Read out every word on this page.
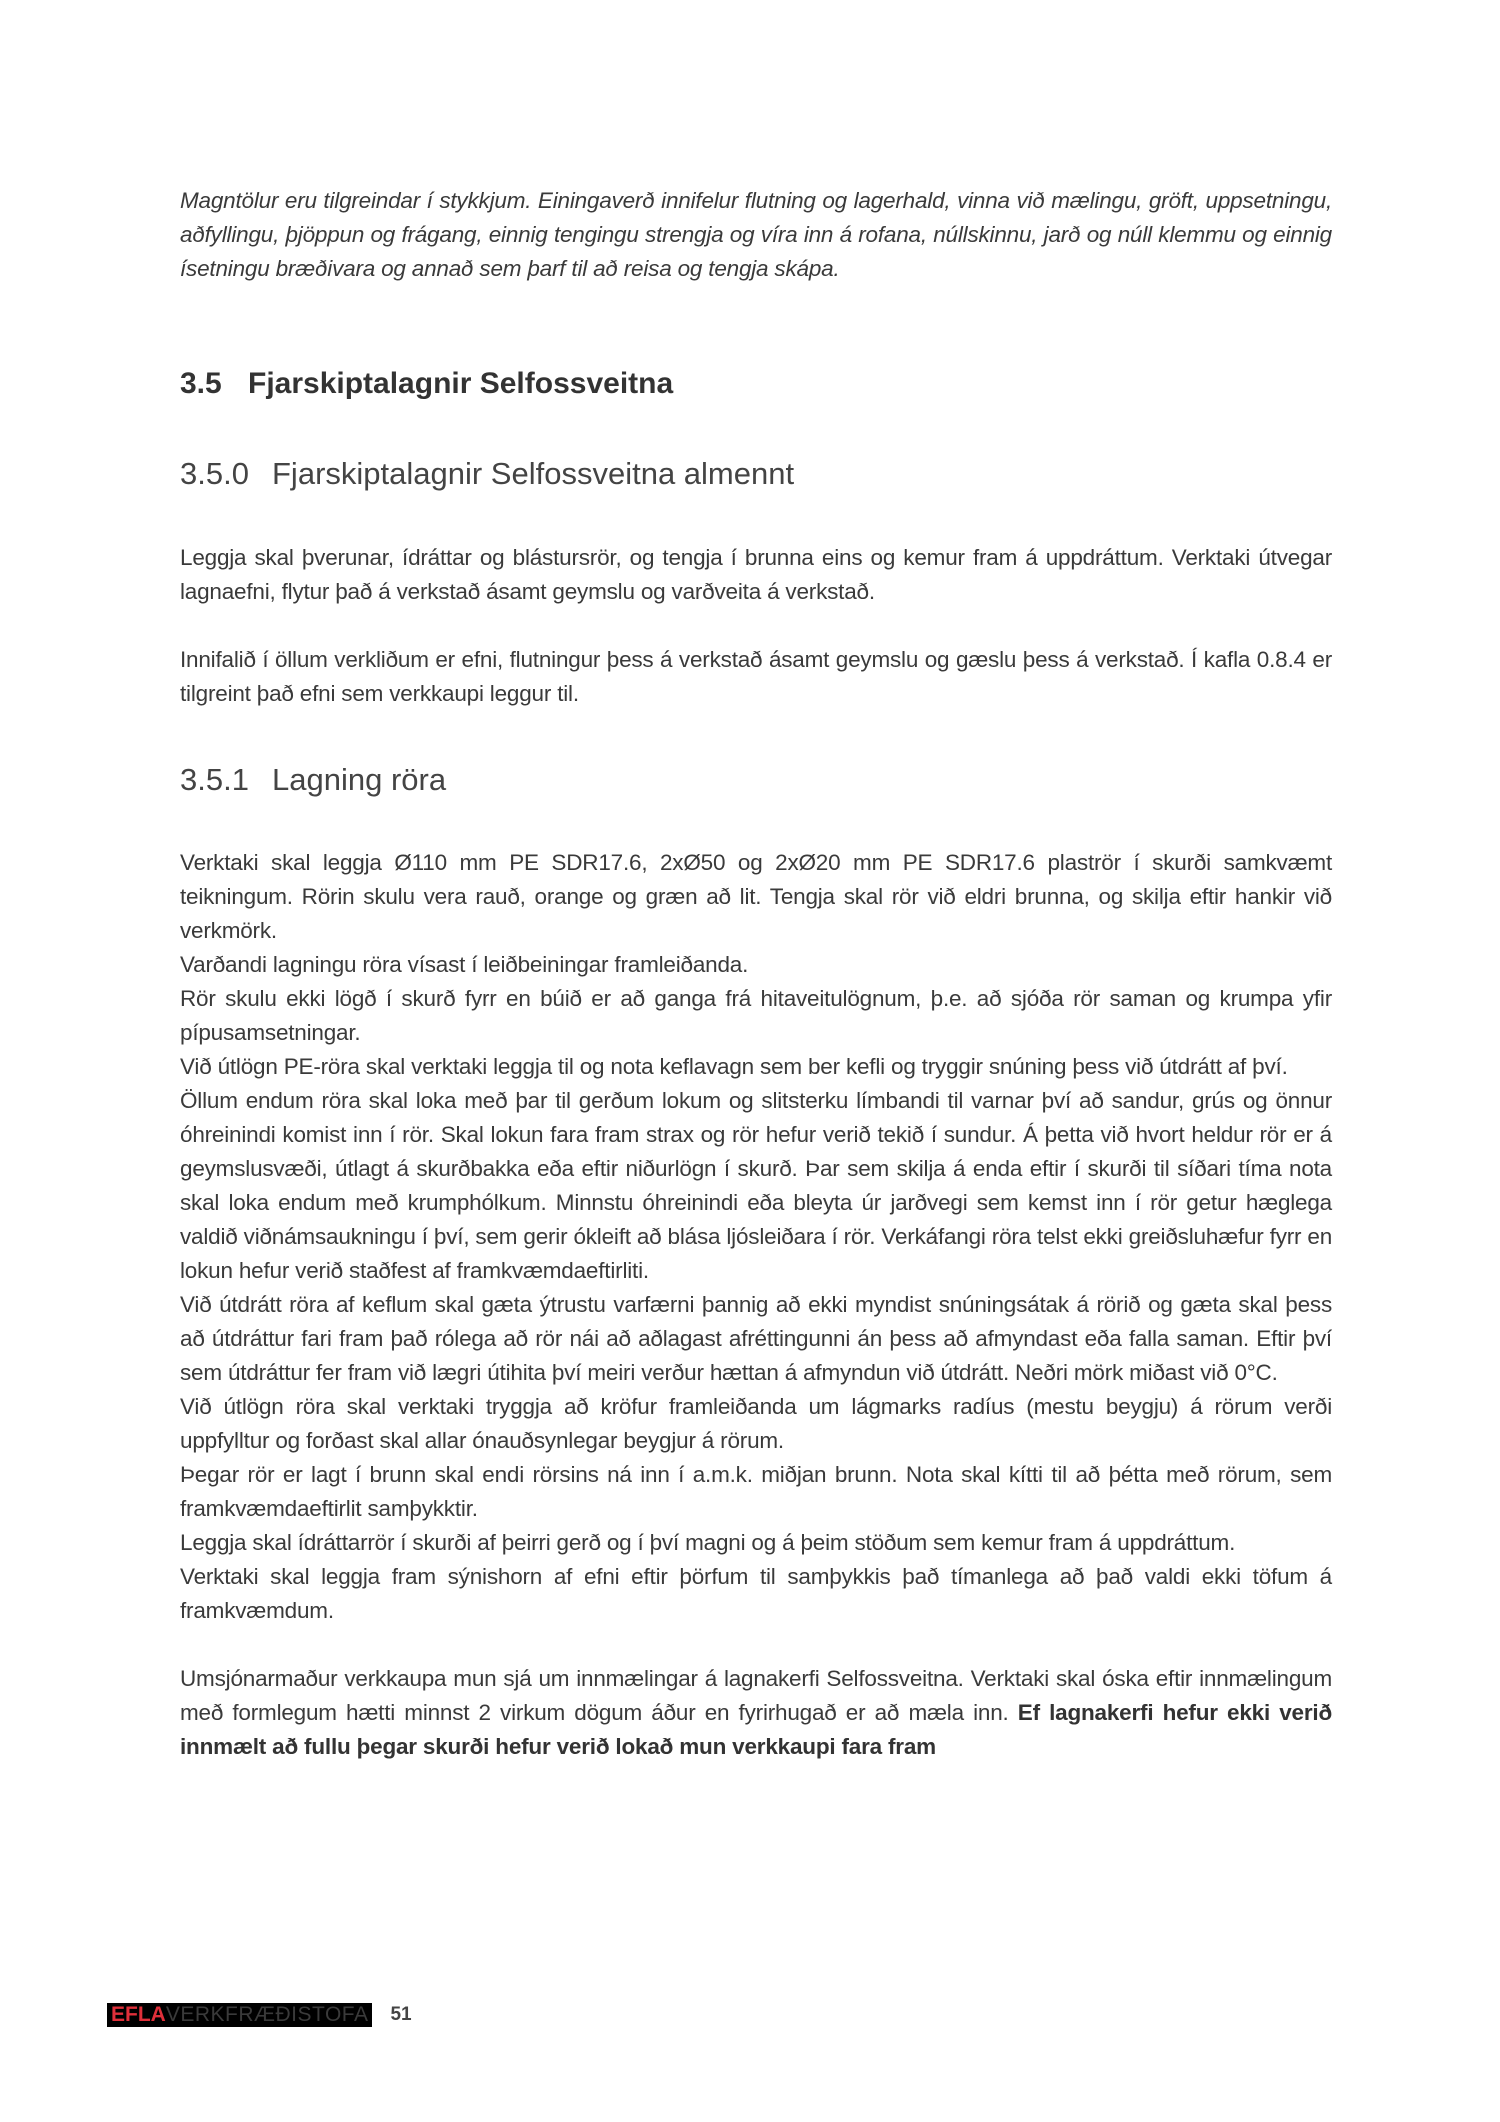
Magntölur eru tilgreindar í stykkjum. Einingaverð innifelur flutning og lagerhald, vinna við mælingu, gröft, uppsetningu, aðfyllingu, þjöppun og frágang, einnig tengingu strengja og víra inn á rofana, núllskinnu, jarð og núll klemmu og einnig ísetningu bræðivara og annað sem þarf til að reisa og tengja skápa.

3.5 Fjarskiptalagnir Selfossveitna
3.5.0 Fjarskiptalagnir Selfossveitna almennt

Leggja skal þverunar, ídráttar og blástursrör, og tengja í brunna eins og kemur fram á uppdráttum. Verktaki útvegar lagnaefni, flytur það á verkstað ásamt geymslu og varðveita á verkstað.

Innifalið í öllum verkliðum er efni, flutningur þess á verkstað ásamt geymslu og gæslu þess á verkstað. Í kafla 0.8.4 er tilgreint það efni sem verkkaupi leggur til.

3.5.1 Lagning röra

Verktaki skal leggja Ø110 mm PE SDR17.6, 2xØ50 og 2xØ20 mm PE SDR17.6 plaströr í skurði samkvæmt teikningum. Rörin skulu vera rauð, orange og græn að lit. Tengja skal rör við eldri brunna, og skilja eftir hankir við verkmörk.

Varðandi lagningu röra vísast í leiðbeiningar framleiðanda.

Rör skulu ekki lögð í skurð fyrr en búið er að ganga frá hitaveitulögnum, þ.e. að sjóða rör saman og krumpa yfir pípusamsetningar.

Við útlögn PE-röra skal verktaki leggja til og nota keflavagn sem ber kefli og tryggir snúning þess við útdrátt af því.

Öllum endum röra skal loka með þar til gerðum lokum og slitsterku límbandi til varnar því að sandur, grús og önnur óhreinindi komist inn í rör. Skal lokun fara fram strax og rör hefur verið tekið í sundur. Á þetta við hvort heldur rör er á geymslusvæði, útlagt á skurðbakka eða eftir niðurlögn í skurð. Þar sem skilja á enda eftir í skurði til síðari tíma nota skal loka endum með krumphólkum. Minnstu óhreinindi eða bleyta úr jarðvegi sem kemst inn í rör getur hæglega valdið viðnámsaukningu í því, sem gerir ókleift að blása ljósleiðara í rör. Verkáfangi röra telst ekki greiðsluhæfur fyrr en lokun hefur verið staðfest af framkvæmdaeftirliti.

Við útdrátt röra af keflum skal gæta ýtrustu varfærni þannig að ekki myndist snúningsátak á rörið og gæta skal þess að útdráttur fari fram það rólega að rör nái að aðlagast afréttingunni án þess að afmyndast eða falla saman. Eftir því sem útdráttur fer fram við lægri útihita því meiri verður hættan á afmyndun við útdrátt. Neðri mörk miðast við 0°C.

Við útlögn röra skal verktaki tryggja að kröfur framleiðanda um lágmarks radíus (mestu beygju) á rörum verði uppfylltur og forðast skal allar ónauðsynlegar beygjur á rörum.

Þegar rör er lagt í brunn skal endi rörsins ná inn í a.m.k. miðjan brunn. Nota skal kítti til að þétta með rörum, sem framkvæmdaeftirlit samþykktir.

Leggja skal ídráttarrör í skurði af þeirri gerð og í því magni og á þeim stöðum sem kemur fram á uppdráttum.

Verktaki skal leggja fram sýnishorn af efni eftir þörfum til samþykkis það tímanlega að það valdi ekki töfum á framkvæmdum.

Umsjónarmaður verkkaupa mun sjá um innmælingar á lagnakerfi Selfossveitna. Verktaki skal óska eftir innmælingum með formlegum hætti minnst 2 virkum dögum áður en fyrirhugað er að mæla inn. Ef lagnakerfi hefur ekki verið innmælt að fullu þegar skurði hefur verið lokað mun verkkaupi fara fram

EFLA VERKFRÆÐISTOFA 51
